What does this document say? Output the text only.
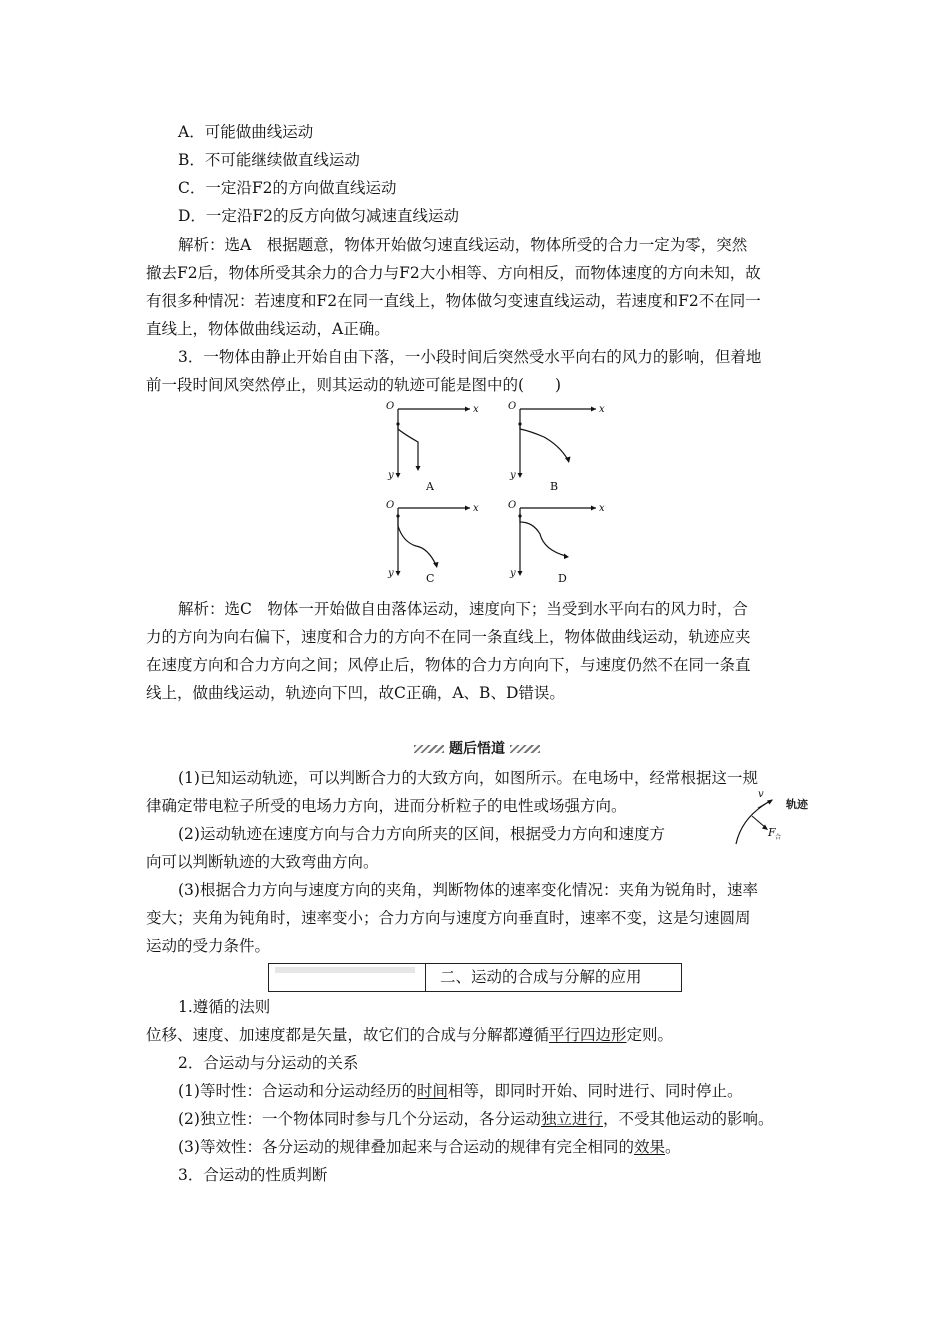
A．可能做曲线运动
B．不可能继续做直线运动
C．一定沿F2的方向做直线运动
D．一定沿F2的反方向做匀减速直线运动
解析：选A　根据题意，物体开始做匀速直线运动，物体所受的合力一定为零，突然
撤去F2后，物体所受其余力的合力与F2大小相等、方向相反，而物体速度的方向未知，故
有很多种情况：若速度和F2在同一直线上，物体做匀变速直线运动，若速度和F2不在同一
直线上，物体做曲线运动，A正确。
3．一物体由静止开始自由下落，一小段时间后突然受水平向右的风力的影响，但着地
前一段时间风突然停止，则其运动的轨迹可能是图中的(　　)
O	x
y
O	x
y
O	x
y
O	x
y
A	B
C	D
解析：选C　物体一开始做自由落体运动，速度向下；当受到水平向右的风力时，合
力的方向为向右偏下，速度和合力的方向不在同一条直线上，物体做曲线运动，轨迹应夹
在速度方向和合力方向之间；风停止后，物体的合力方向向下，与速度仍然不在同一条直
线上，做曲线运动，轨迹向下凹，故C正确，A、B、D错误。
题后悟道
(1)已知运动轨迹，可以判断合力的大致方向，如图所示。在电场中，经常根据这一规
律确定带电粒子所受的电场力方向，进而分析粒子的电性或场强方向。
(2)运动轨迹在速度方向与合力方向所夹的区间，根据受力方向和速度方
向可以判断轨迹的大致弯曲方向。
(3)根据合力方向与速度方向的夹角，判断物体的速率变化情况：夹角为锐角时，速率
变大；夹角为钝角时，速率变小；合力方向与速度方向垂直时，速率不变，这是匀速圆周
运动的受力条件。
v
轨迹
F 合
二、运动的合成与分解的应用
1.遵循的法则
位移、速度、加速度都是矢量，故它们的合成与分解都遵循平行四边形定则。
2．合运动与分运动的关系
(1)等时性：合运动和分运动经历的时间相等，即同时开始、同时进行、同时停止。
(2)独立性：一个物体同时参与几个分运动，各分运动独立进行，不受其他运动的影响。
(3)等效性：各分运动的规律叠加起来与合运动的规律有完全相同的效果。
3．合运动的性质判断
